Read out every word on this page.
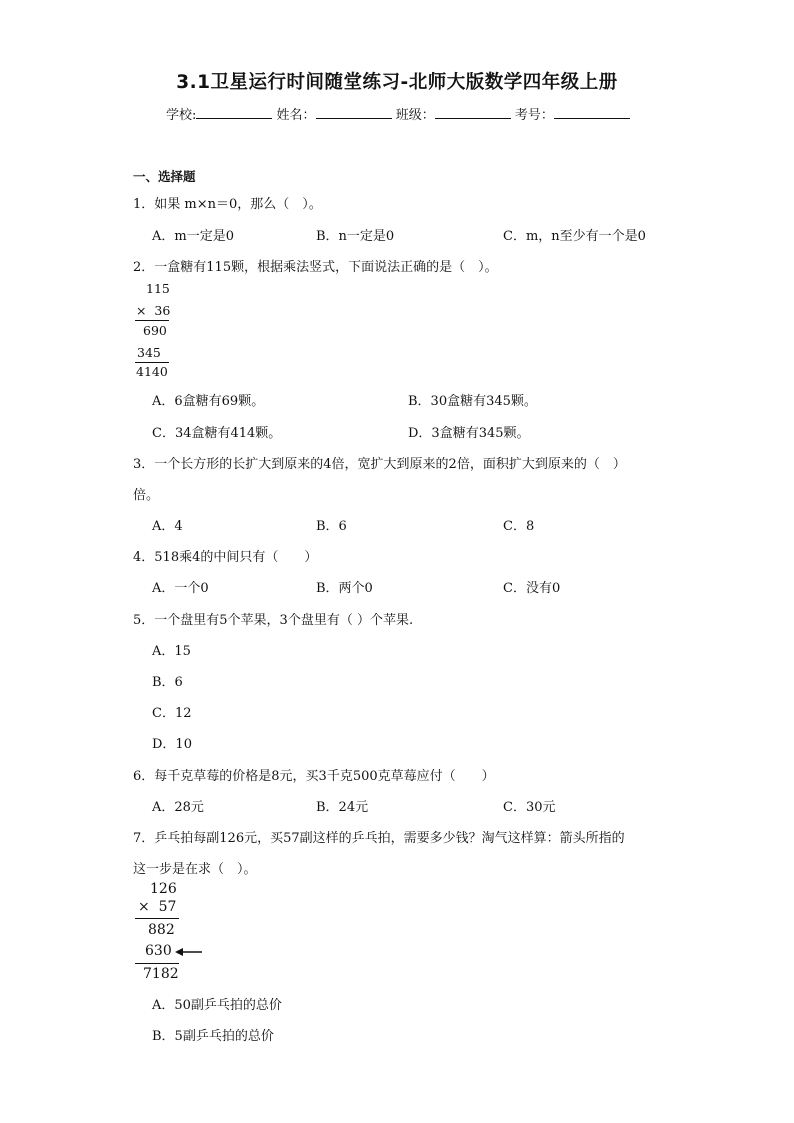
3.1卫星运行时间随堂练习-北师大版数学四年级上册
学校:	姓名：	班级：	考号：
一、选择题
1．如果 m×n＝0，那么（　）。
A．m一定是0	B．n一定是0	C．m，n至少有一个是0
2．一盒糖有115颗，根据乘法竖式，下面说法正确的是（　）。
115
×  36
690
345
4140
A．6盒糖有69颗。	B．30盒糖有345颗。
C．34盒糖有414颗。	D．3盒糖有345颗。
3．一个长方形的长扩大到原来的4倍，宽扩大到原来的2倍，面积扩大到原来的（　）
倍。
A．4	B．6	C．8
4．518乘4的中间只有（　　）
A．一个0	B．两个0	C．没有0
5．一个盘里有5个苹果，3个盘里有（ ）个苹果.
A．15
B．6
C．12
D．10
6．每千克草莓的价格是8元，买3千克500克草莓应付（　　）
A．28元	B．24元	C．30元
7．乒乓拍每副126元，买57副这样的乒乓拍，需要多少钱？淘气这样算：箭头所指的
这一步是在求（　）。
126
×  57
882
630
7182
A．50副乒乓拍的总价
B．5副乒乓拍的总价
